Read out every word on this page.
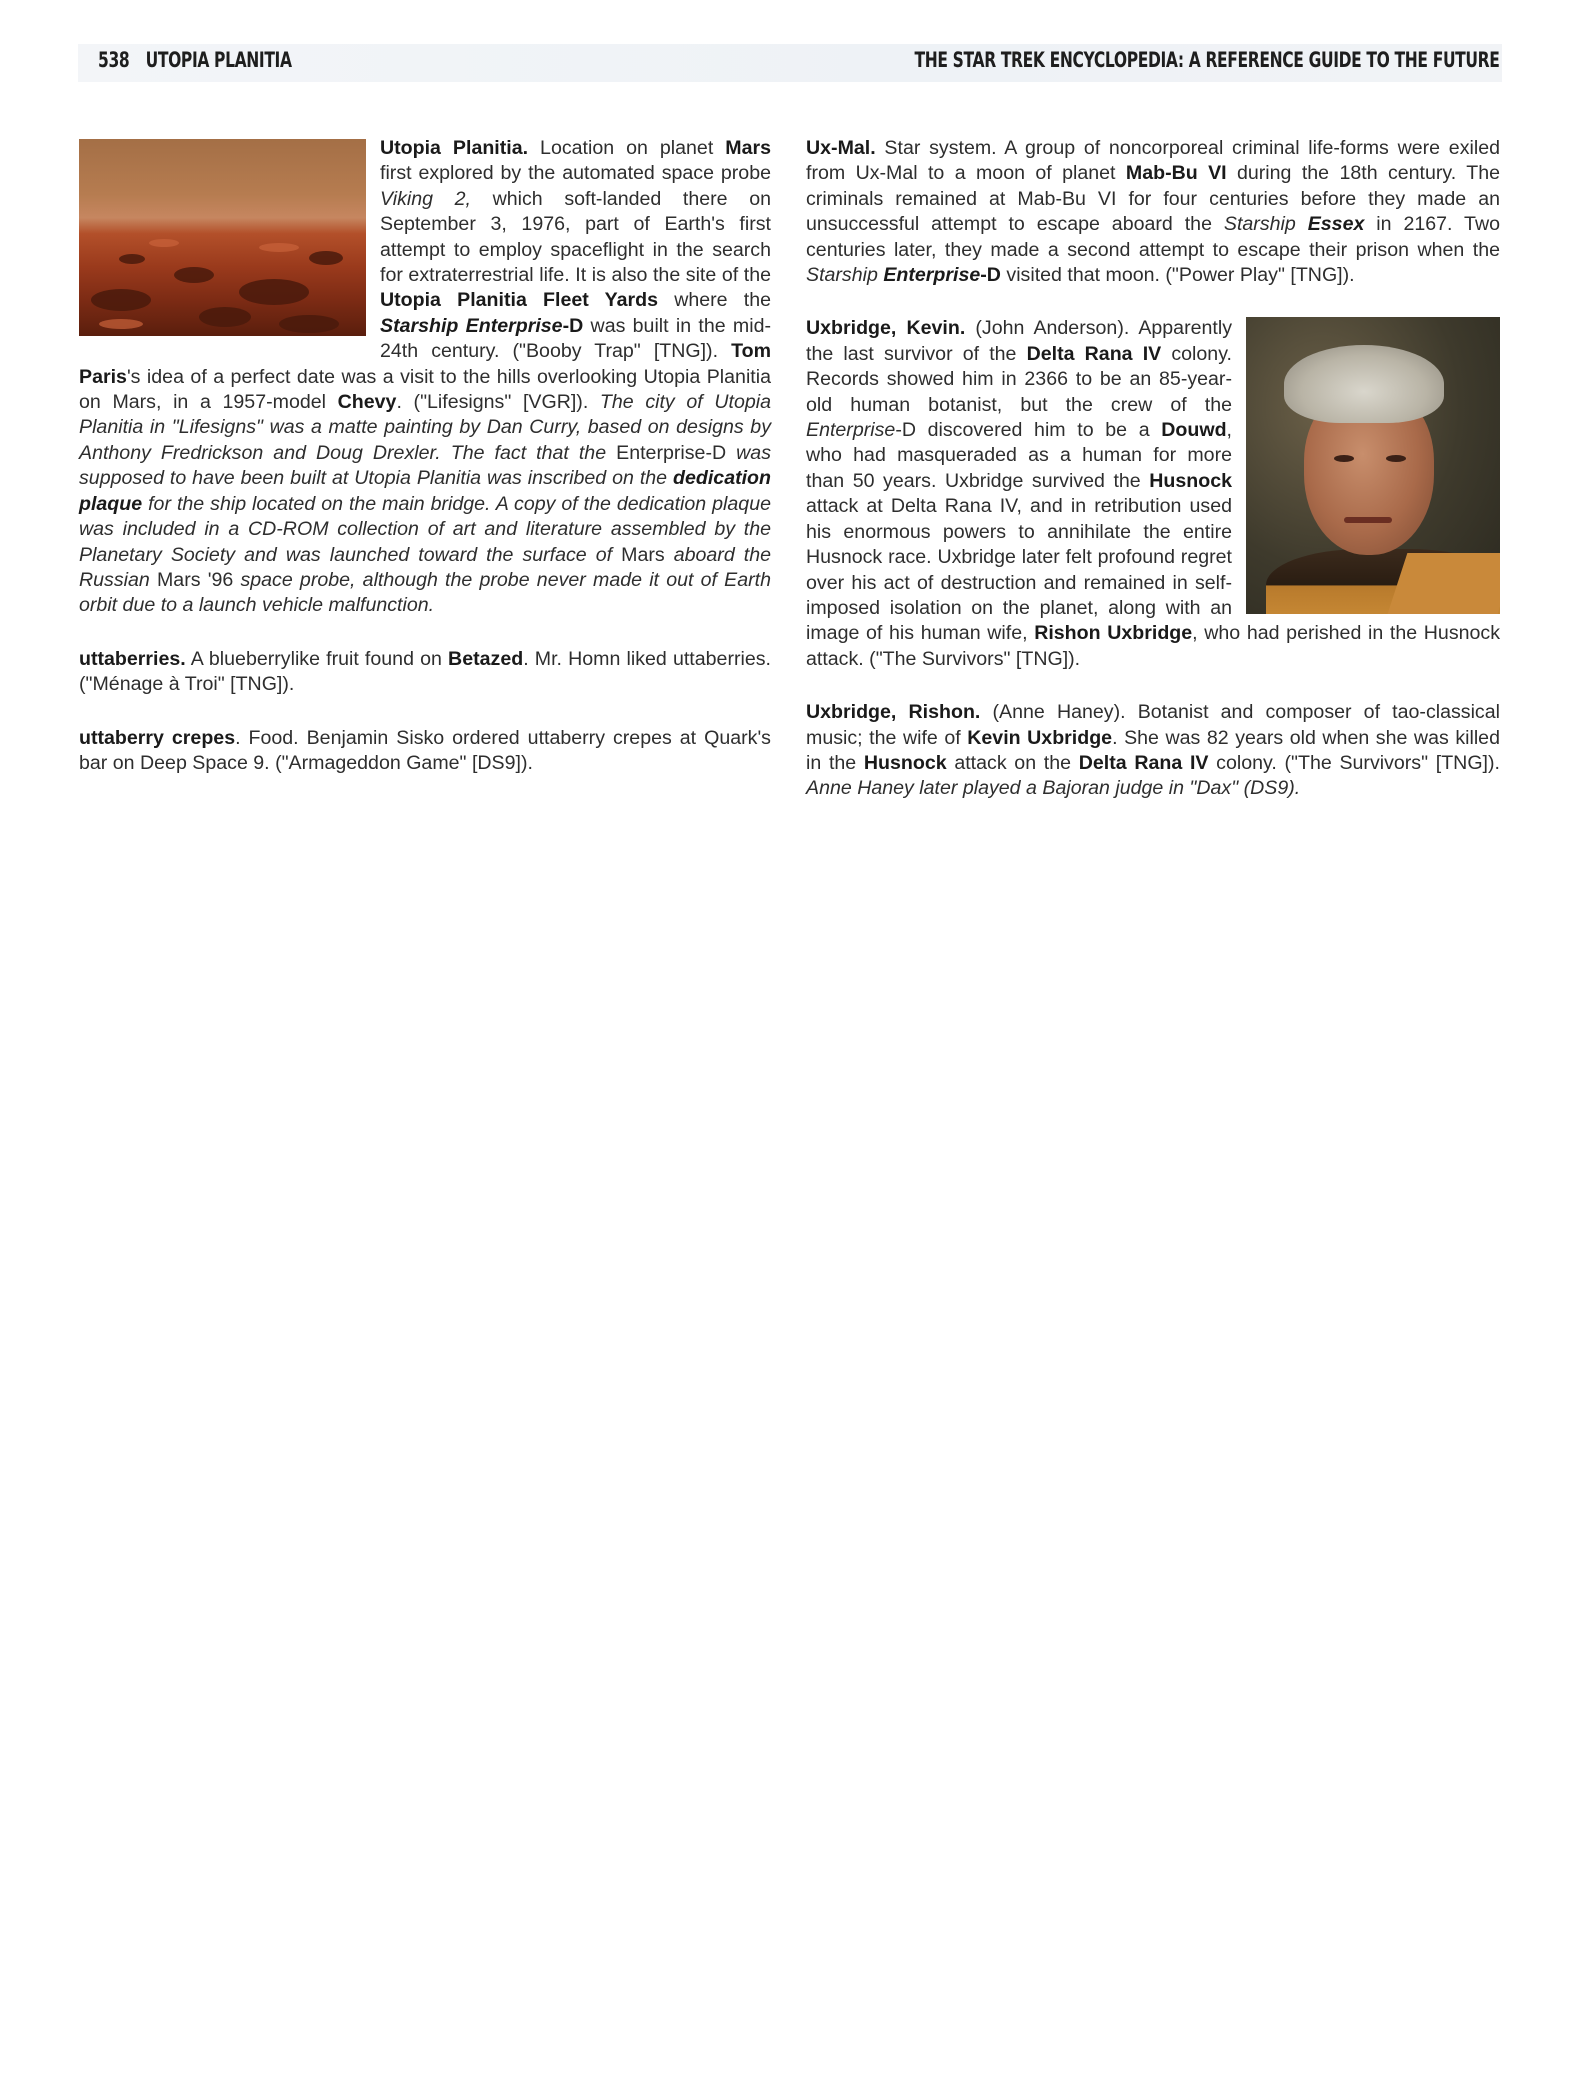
538 UTOPIA PLANITIA	THE STAR TREK ENCYCLOPEDIA: A REFERENCE GUIDE TO THE FUTURE

Utopia Planitia. Location on planet Mars first explored by the automated space probe Viking 2, which soft-landed there on September 3, 1976, part of Earth's first attempt to employ spaceflight in the search for extraterrestrial life. It is also the site of the Utopia Planitia Fleet Yards where the Starship Enterprise-D was built in the mid-24th century. ("Booby Trap" [TNG]). Tom Paris's idea of a perfect date was a visit to the hills overlooking Utopia Planitia on Mars, in a 1957-model Chevy. ("Lifesigns" [VGR]). The city of Utopia Planitia in "Lifesigns" was a matte painting by Dan Curry, based on designs by Anthony Fredrickson and Doug Drexler. The fact that the Enterprise-D was supposed to have been built at Utopia Planitia was inscribed on the dedication plaque for the ship located on the main bridge. A copy of the dedication plaque was included in a CD-ROM collection of art and literature assembled by the Planetary Society and was launched toward the surface of Mars aboard the Russian Mars '96 space probe, although the probe never made it out of Earth orbit due to a launch vehicle malfunction.

uttaberries. A blueberrylike fruit found on Betazed. Mr. Homn liked uttaberries. ("Ménage à Troi" [TNG]).

uttaberry crepes. Food. Benjamin Sisko ordered uttaberry crepes at Quark's bar on Deep Space 9. ("Armageddon Game" [DS9]).

Ux-Mal. Star system. A group of noncorporeal criminal life-forms were exiled from Ux-Mal to a moon of planet Mab-Bu VI during the 18th century. The criminals remained at Mab-Bu VI for four centuries before they made an unsuccessful attempt to escape aboard the Starship Essex in 2167. Two centuries later, they made a second attempt to escape their prison when the Starship Enterprise-D visited that moon. ("Power Play" [TNG]).

Uxbridge, Kevin. (John Anderson). Apparently the last survivor of the Delta Rana IV colony. Records showed him in 2366 to be an 85-year-old human botanist, but the crew of the Enterprise-D discovered him to be a Douwd, who had masqueraded as a human for more than 50 years. Uxbridge survived the Husnock attack at Delta Rana IV, and in retribution used his enormous powers to annihilate the entire Husnock race. Uxbridge later felt profound regret over his act of destruction and remained in self-imposed isolation on the planet, along with an image of his human wife, Rishon Uxbridge, who had perished in the Husnock attack. ("The Survivors" [TNG]).

Uxbridge, Rishon. (Anne Haney). Botanist and composer of tao-classical music; the wife of Kevin Uxbridge. She was 82 years old when she was killed in the Husnock attack on the Delta Rana IV colony. ("The Survivors" [TNG]). Anne Haney later played a Bajoran judge in "Dax" (DS9).
